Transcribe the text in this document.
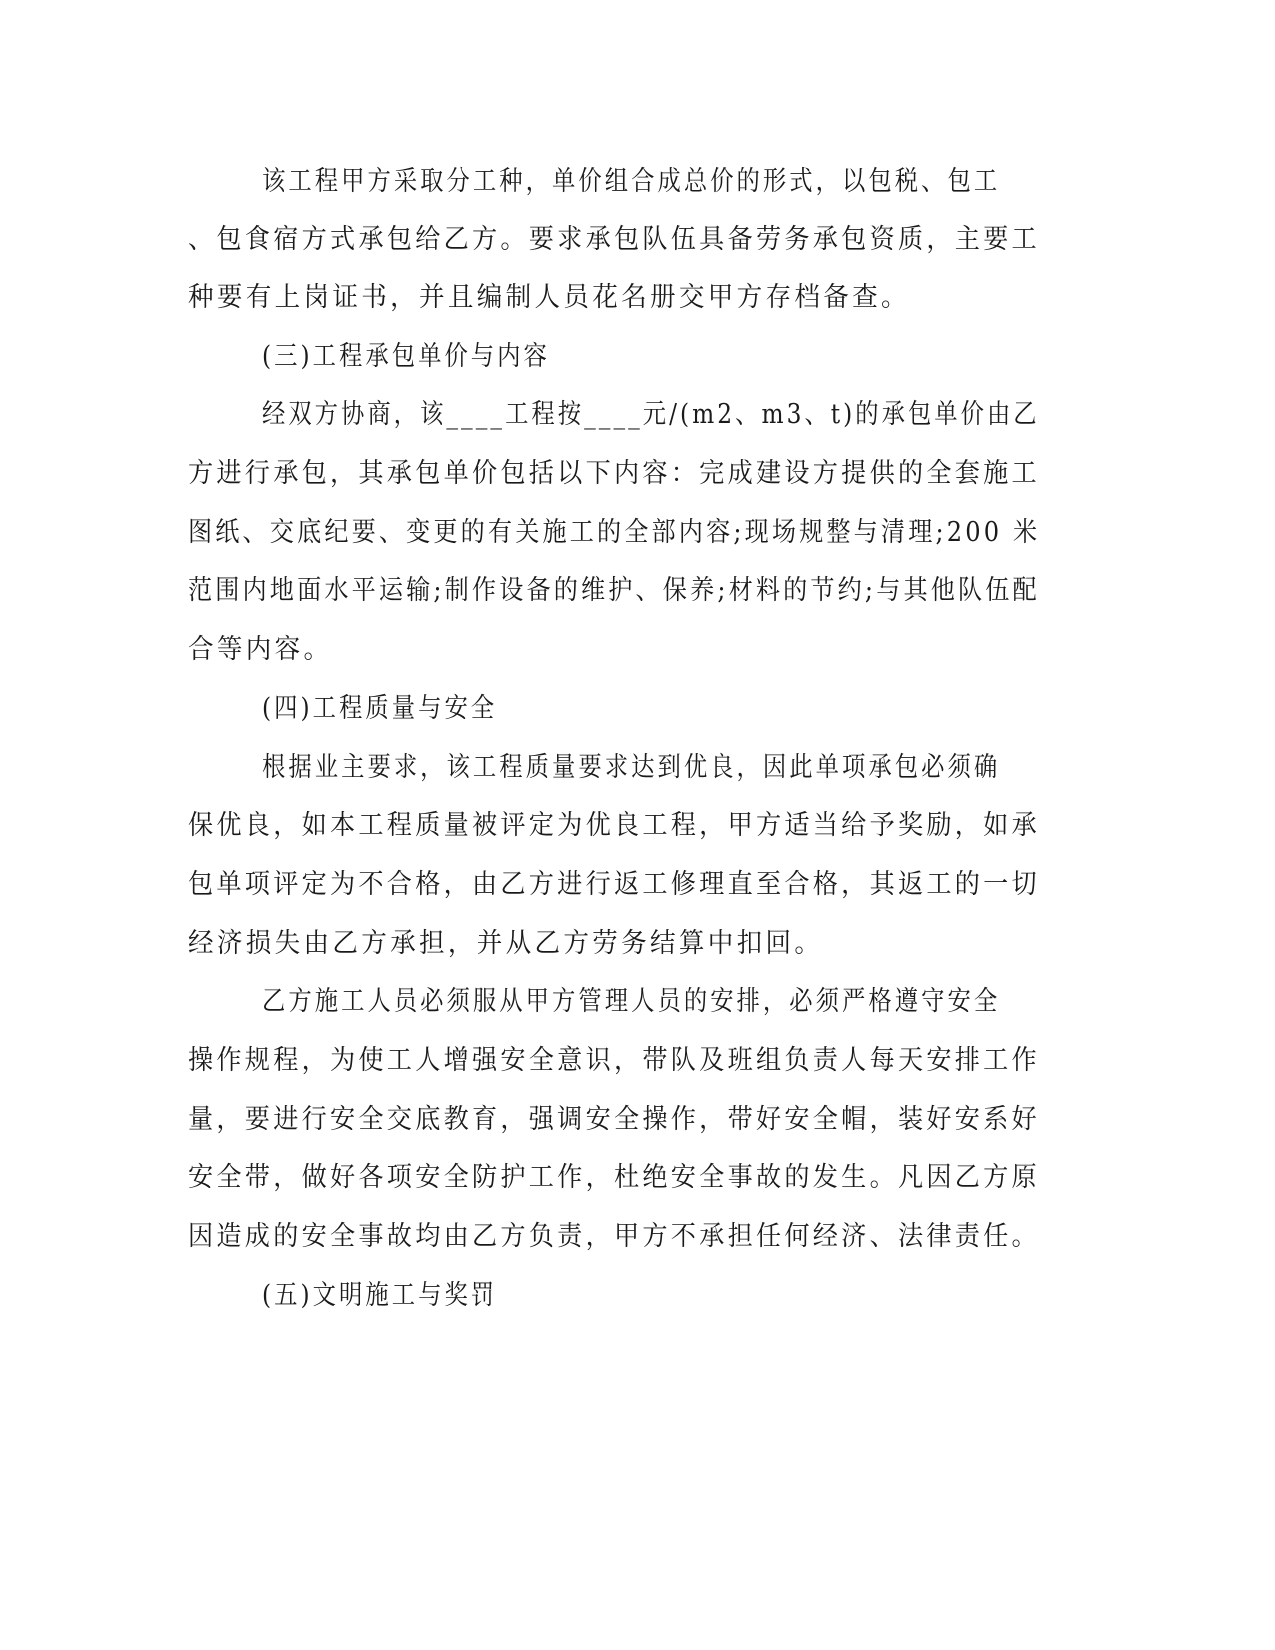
该工程甲方采取分工种，单价组合成总价的形式，以包税、包工
、包食宿方式承包给乙方。要求承包队伍具备劳务承包资质，主要工
种要有上岗证书，并且编制人员花名册交甲方存档备查。
(三)工程承包单价与内容
经双方协商，该____工程按____元/(m2、m3、t)的承包单价由乙
方进行承包，其承包单价包括以下内容：完成建设方提供的全套施工
图纸、交底纪要、变更的有关施工的全部内容;现场规整与清理;200 米
范围内地面水平运输;制作设备的维护、保养;材料的节约;与其他队伍配
合等内容。
(四)工程质量与安全
根据业主要求，该工程质量要求达到优良，因此单项承包必须确
保优良，如本工程质量被评定为优良工程，甲方适当给予奖励，如承
包单项评定为不合格，由乙方进行返工修理直至合格，其返工的一切
经济损失由乙方承担，并从乙方劳务结算中扣回。
乙方施工人员必须服从甲方管理人员的安排，必须严格遵守安全
操作规程，为使工人增强安全意识，带队及班组负责人每天安排工作
量，要进行安全交底教育，强调安全操作，带好安全帽，装好安系好
安全带，做好各项安全防护工作，杜绝安全事故的发生。凡因乙方原
因造成的安全事故均由乙方负责，甲方不承担任何经济、法律责任。
(五)文明施工与奖罚
